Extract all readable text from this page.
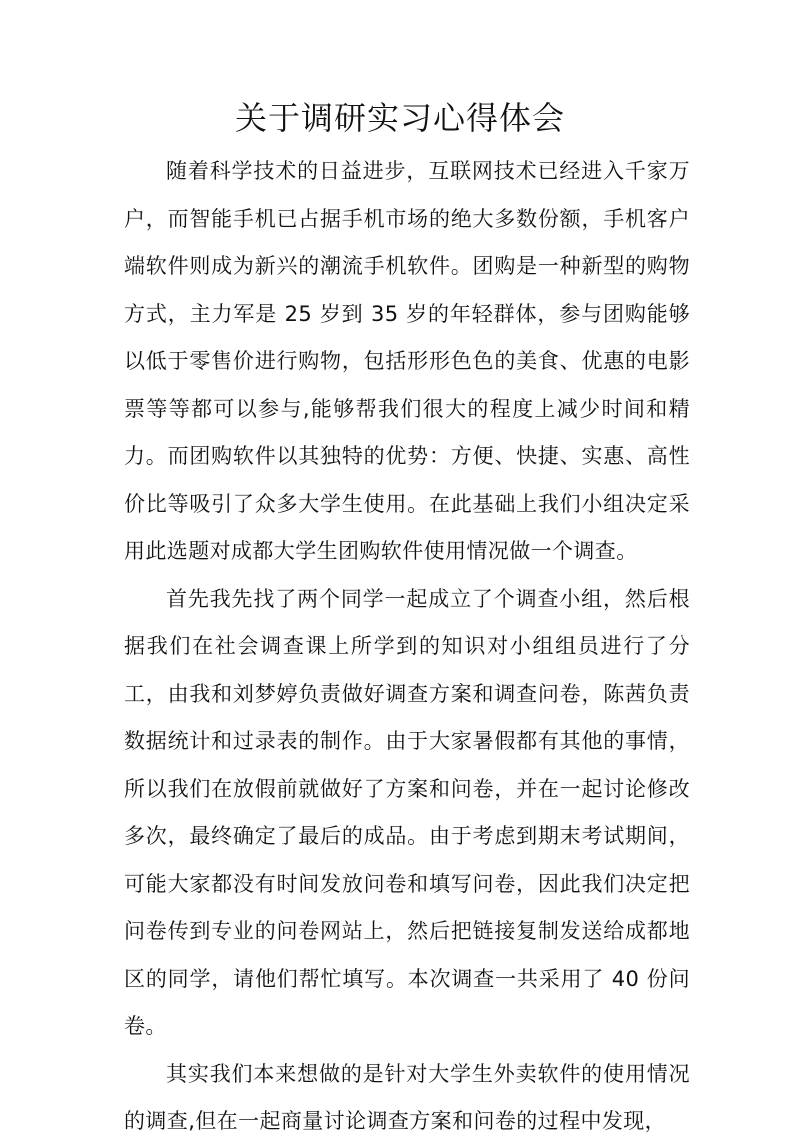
关于调研实习心得体会

随着科学技术的日益进步，互联网技术已经进入千家万户，而智能手机已占据手机市场的绝大多数份额，手机客户端软件则成为新兴的潮流手机软件。团购是一种新型的购物方式，主力军是 25 岁到 35 岁的年轻群体，参与团购能够以低于零售价进行购物，包括形形色色的美食、优惠的电影票等等都可以参与,能够帮我们很大的程度上减少时间和精力。而团购软件以其独特的优势：方便、快捷、实惠、高性价比等吸引了众多大学生使用。在此基础上我们小组决定采用此选题对成都大学生团购软件使用情况做一个调查。

首先我先找了两个同学一起成立了个调查小组，然后根据我们在社会调查课上所学到的知识对小组组员进行了分工，由我和刘梦婷负责做好调查方案和调查问卷，陈茜负责数据统计和过录表的制作。由于大家暑假都有其他的事情，所以我们在放假前就做好了方案和问卷，并在一起讨论修改多次，最终确定了最后的成品。由于考虑到期末考试期间，可能大家都没有时间发放问卷和填写问卷，因此我们决定把问卷传到专业的问卷网站上，然后把链接复制发送给成都地区的同学，请他们帮忙填写。本次调查一共采用了 40 份问卷。

其实我们本来想做的是针对大学生外卖软件的使用情况的调查,但在一起商量讨论调查方案和问卷的过程中发现，
